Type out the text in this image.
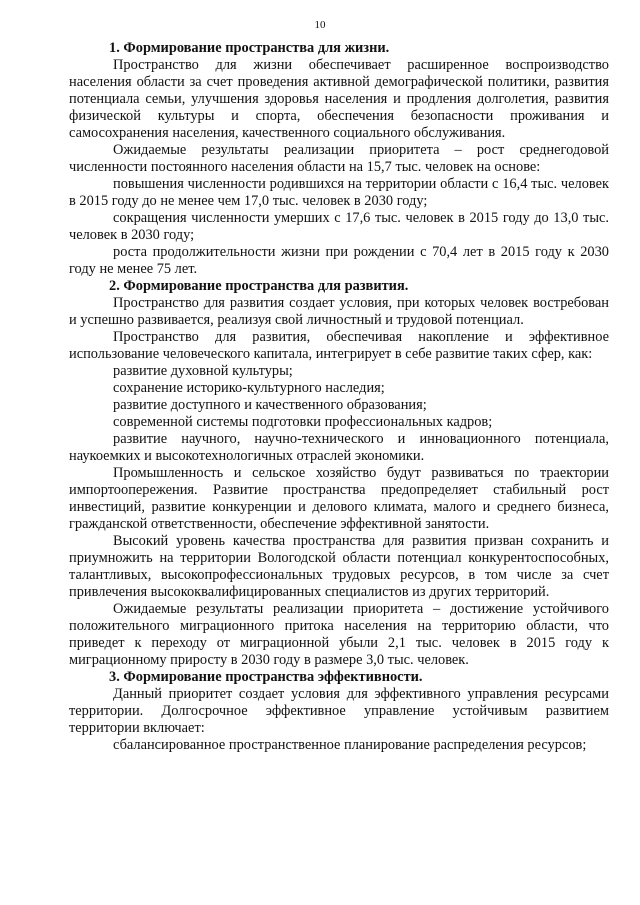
10
1. Формирование пространства для жизни.

Пространство для жизни обеспечивает расширенное воспроизводство населения области за счет проведения активной демографической политики, развития потенциала семьи, улучшения здоровья населения и продления долголетия, развития физической культуры и спорта, обеспечения безопасности проживания и самосохранения населения, качественного социального обслуживания.

Ожидаемые результаты реализации приоритета – рост среднегодовой численности постоянного населения области на 15,7 тыс. человек на основе:

повышения численности родившихся на территории области с 16,4 тыс. человек в 2015 году до не менее чем 17,0 тыс. человек в 2030 году;

сокращения численности умерших с 17,6 тыс. человек в 2015 году до 13,0 тыс. человек в 2030 году;

роста продолжительности жизни при рождении с 70,4 лет в 2015 году к 2030 году не менее 75 лет.

2. Формирование пространства для развития.

Пространство для развития создает условия, при которых человек востребован и успешно развивается, реализуя свой личностный и трудовой потенциал.

Пространство для развития, обеспечивая накопление и эффективное использование человеческого капитала, интегрирует в себе развитие таких сфер, как:

развитие духовной культуры;

сохранение историко-культурного наследия;

развитие доступного и качественного образования;

современной системы подготовки профессиональных кадров;

развитие научного, научно-технического и инновационного потенциала, наукоемких и высокотехнологичных отраслей экономики.

Промышленность и сельское хозяйство будут развиваться по траектории импортоопережения. Развитие пространства предопределяет стабильный рост инвестиций, развитие конкуренции и делового климата, малого и среднего бизнеса, гражданской ответственности, обеспечение эффективной занятости.

Высокий уровень качества пространства для развития призван сохранить и приумножить на территории Вологодской области потенциал конкурентоспособных, талантливых, высокопрофессиональных трудовых ресурсов, в том числе за счет привлечения высококвалифицированных специалистов из других территорий.

Ожидаемые результаты реализации приоритета – достижение устойчивого положительного миграционного притока населения на территорию области, что приведет к переходу от миграционной убыли 2,1 тыс. человек в 2015 году к миграционному приросту в 2030 году в размере 3,0 тыс. человек.

3. Формирование пространства эффективности.

Данный приоритет создает условия для эффективного управления ресурсами территории. Долгосрочное эффективное управление устойчивым развитием территории включает:

сбалансированное пространственное планирование распределения ресурсов;
